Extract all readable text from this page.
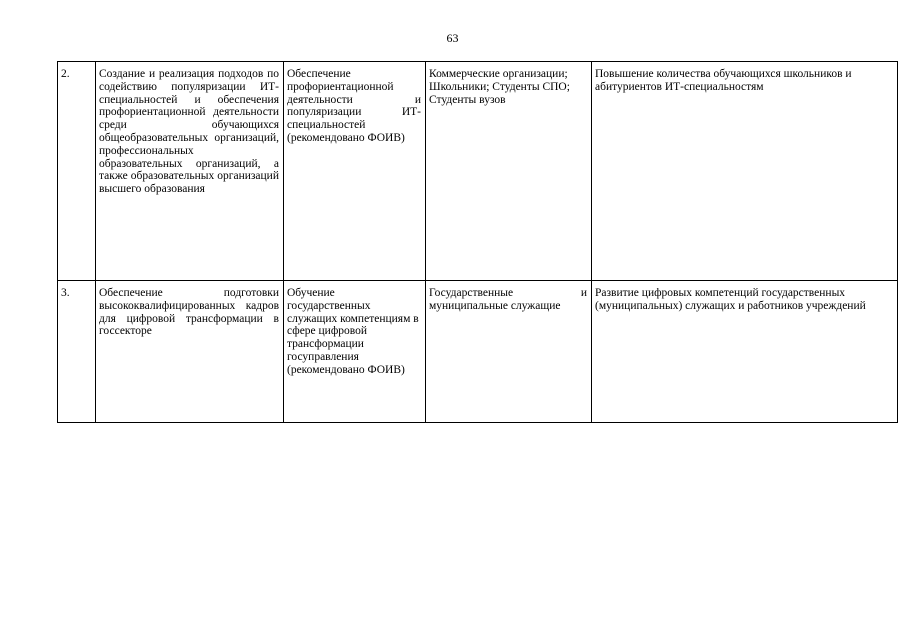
63
2.	Создание и реализация подходов по содействию популяризации ИТ-специальностей и обеспечения профориентационной деятельности среди обучающихся общеобразовательных организаций, профессиональных образовательных организаций, а также образовательных организаций высшего образования	Обеспечение профориентационной деятельности и популяризации ИТ-специальностей (рекомендовано ФОИВ)	Коммерческие организации; Школьники; Студенты СПО; Студенты вузов	Повышение количества обучающихся школьников и абитуриентов ИТ-специальностям
3.	Обеспечение подготовки высококвалифицированных кадров для цифровой трансформации в госсекторе	Обучение государственных служащих компетенциям в сфере цифровой трансформации госуправления (рекомендовано ФОИВ)	Государственные и муниципальные служащие	Развитие цифровых компетенций государственных (муниципальных) служащих и работников учреждений
